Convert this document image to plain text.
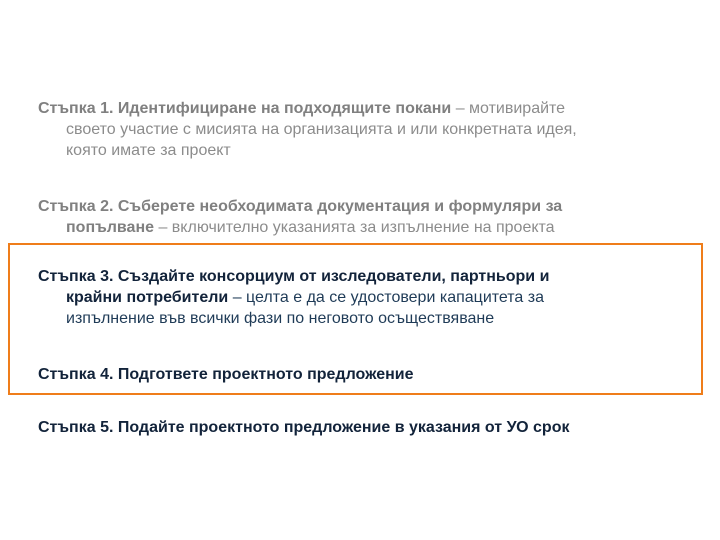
Стъпка 1. Идентифициране на подходящите покани – мотивирайте
своето участие с мисията на организацията и или конкретната идея,
която имате за проект
Стъпка 2. Съберете необходимата документация и формуляри за
попълване – включително указанията за изпълнение на проекта
Стъпка 3. Създайте консорциум от изследователи, партньори и
крайни потребители – целта е да се удостовери капацитета за
изпълнение във всички фази по неговото осъществяване
Стъпка 4. Подгответе проектното предложение
Стъпка 5. Подайте проектното предложение в указания от УО срок
